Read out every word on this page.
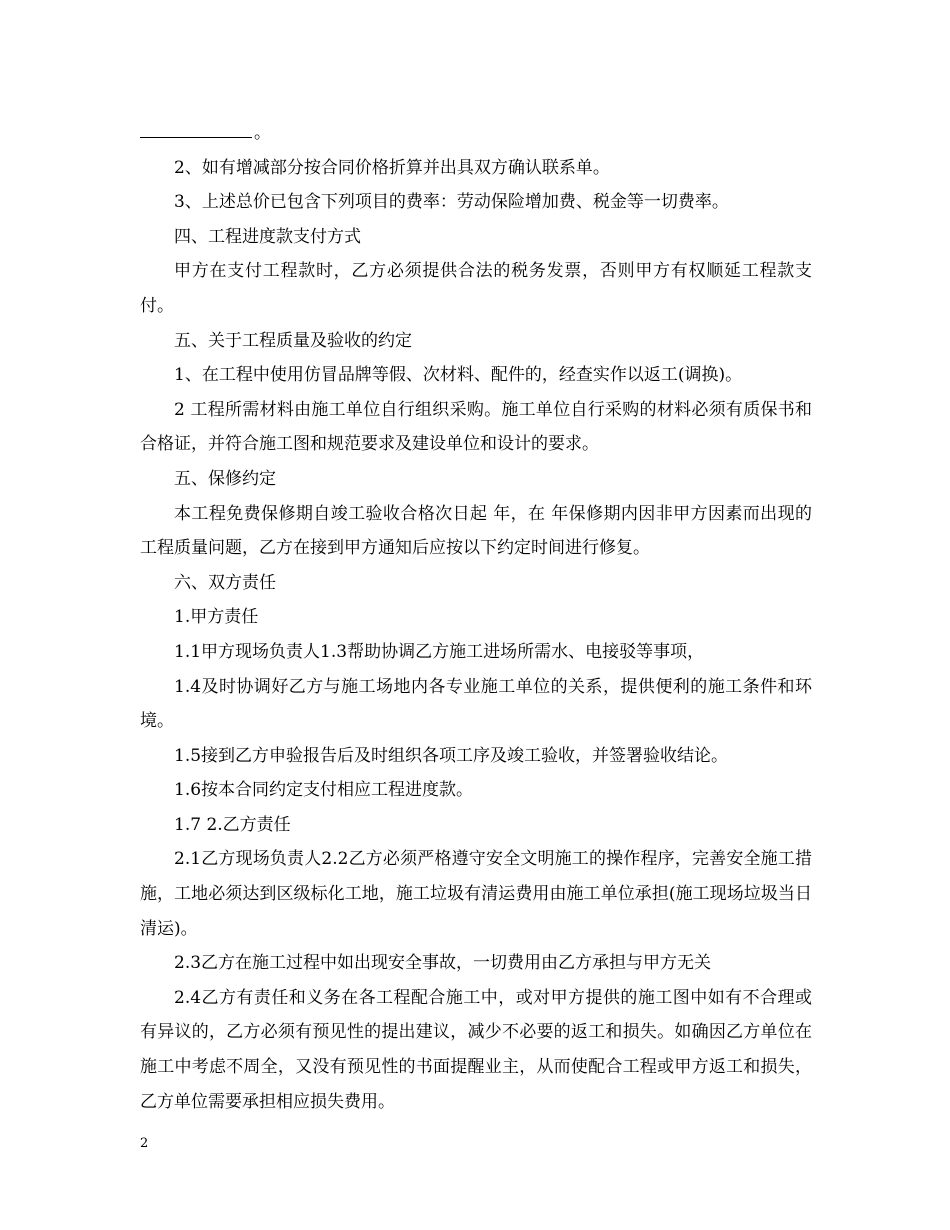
。

2、如有增减部分按合同价格折算并出具双方确认联系单。

3、上述总价已包含下列项目的费率：劳动保险增加费、税金等一切费率。

四、工程进度款支付方式

甲方在支付工程款时，乙方必须提供合法的税务发票，否则甲方有权顺延工程款支付。

五、关于工程质量及验收的约定

1、在工程中使用仿冒品牌等假、次材料、配件的，经查实作以返工(调换)。

2 工程所需材料由施工单位自行组织采购。施工单位自行采购的材料必须有质保书和合格证，并符合施工图和规范要求及建设单位和设计的要求。

五、保修约定

本工程免费保修期自竣工验收合格次日起 年，在 年保修期内因非甲方因素而出现的工程质量问题，乙方在接到甲方通知后应按以下约定时间进行修复。

六、双方责任

1.甲方责任

1.1甲方现场负责人1.3帮助协调乙方施工进场所需水、电接驳等事项，

1.4及时协调好乙方与施工场地内各专业施工单位的关系，提供便利的施工条件和环境。

1.5接到乙方申验报告后及时组织各项工序及竣工验收，并签署验收结论。

1.6按本合同约定支付相应工程进度款。

1.7 2.乙方责任

2.1乙方现场负责人2.2乙方必须严格遵守安全文明施工的操作程序，完善安全施工措施，工地必须达到区级标化工地，施工垃圾有清运费用由施工单位承担(施工现场垃圾当日清运)。

2.3乙方在施工过程中如出现安全事故，一切费用由乙方承担与甲方无关

2.4乙方有责任和义务在各工程配合施工中，或对甲方提供的施工图中如有不合理或有异议的，乙方必须有预见性的提出建议，减少不必要的返工和损失。如确因乙方单位在施工中考虑不周全，又没有预见性的书面提醒业主，从而使配合工程或甲方返工和损失，乙方单位需要承担相应损失费用。

2
